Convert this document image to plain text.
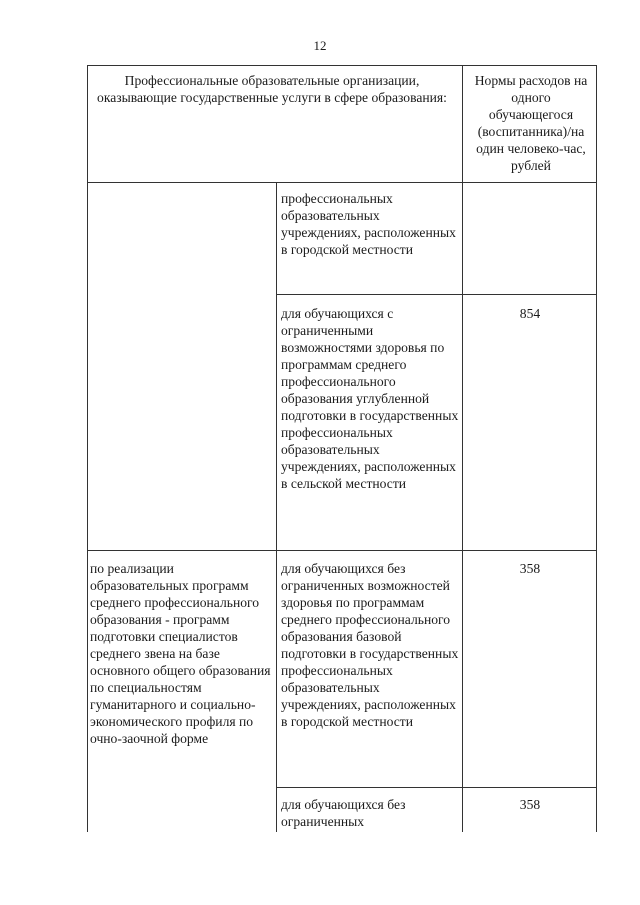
12
Профессиональные образовательные организации, оказывающие государственные услуги в сфере образования:
Нормы расходов на одного обучающегося (воспитанника)/на один человеко-час, рублей
профессиональных образовательных учреждениях, расположенных в городской местности
для обучающихся с ограниченными возможностями здоровья по программам среднего профессионального образования углубленной подготовки в государственных профессиональных образовательных учреждениях, расположенных в сельской местности
854
по реализации образовательных программ среднего профессионального образования - программ подготовки специалистов среднего звена на базе основного общего образования по специальностям гуманитарного и социально-экономического профиля по очно-заочной форме
для обучающихся без ограниченных возможностей здоровья по программам среднего профессионального образования базовой подготовки в государственных профессиональных образовательных учреждениях, расположенных в городской местности
358
для обучающихся без ограниченных
358
